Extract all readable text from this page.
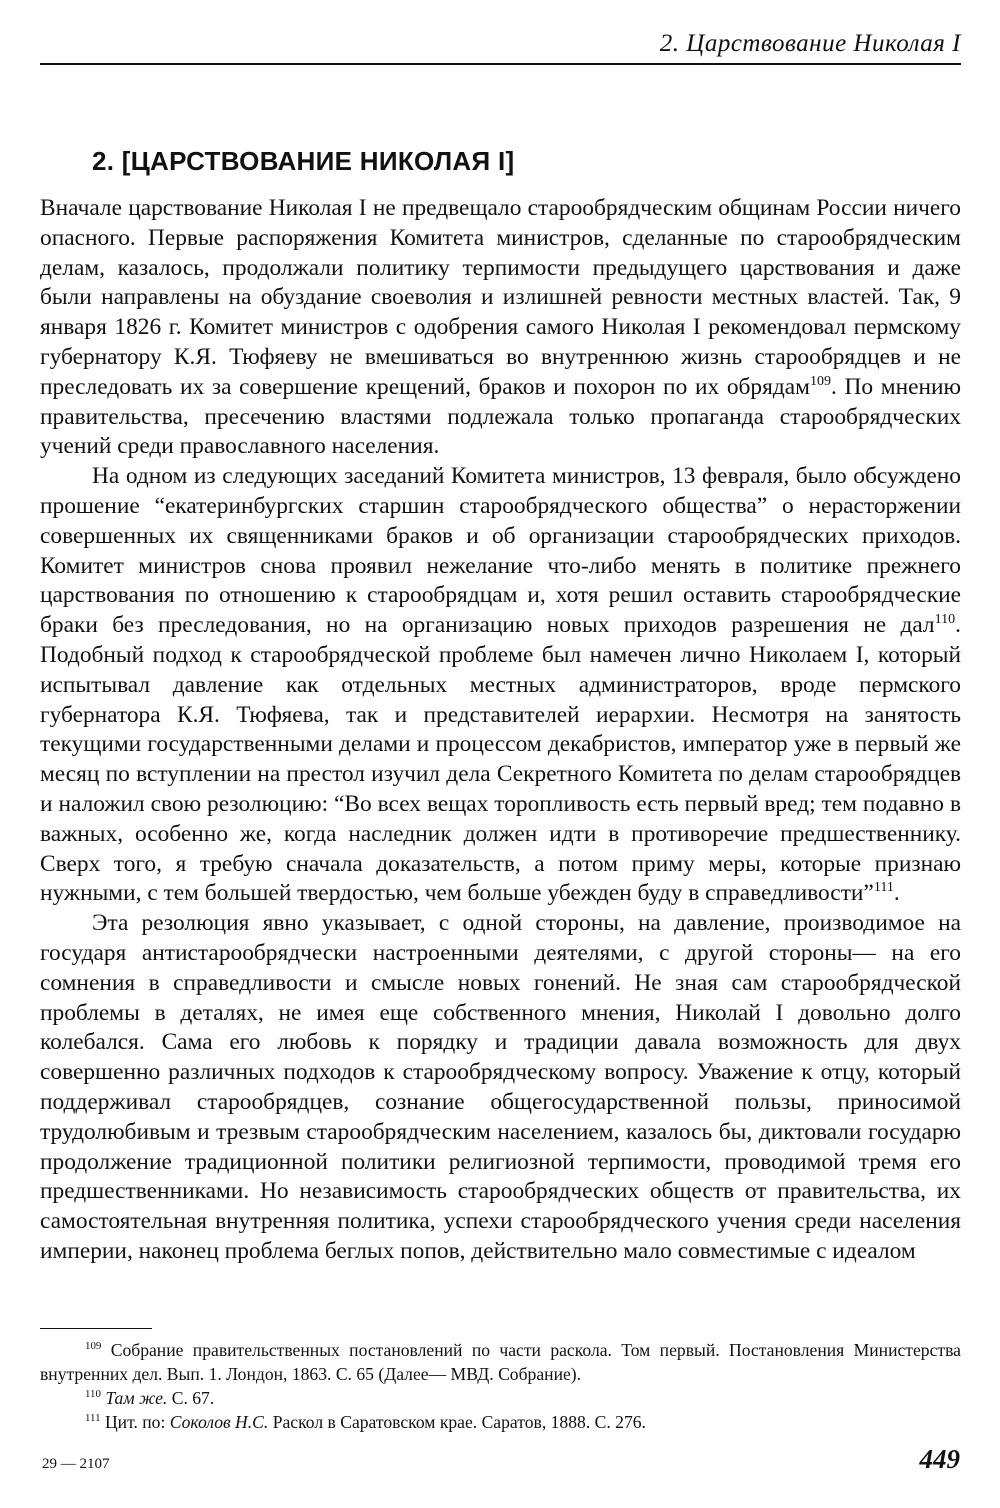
2. Царствование Николая I
2. [ЦАРСТВОВАНИЕ НИКОЛАЯ I]

Вначале царствование Николая I не предвещало старообрядческим общинам России ничего опасного. Первые распоряжения Комитета министров, сделанные по старообрядческим делам, казалось, продолжали политику терпимости предыдущего царствования и даже были направлены на обуздание своеволия и излишней ревности местных властей. Так, 9 января 1826 г. Комитет министров с одобрения самого Николая I рекомендовал пермскому губернатору К.Я. Тюфяеву не вмешиваться во внутреннюю жизнь старообрядцев и не преследовать их за совершение крещений, браков и похорон по их обрядам$^{109}$. По мнению правительства, пресечению властями подлежала только пропаганда старообрядческих учений среди православного населения.

На одном из следующих заседаний Комитета министров, 13 февраля, было обсуждено прошение “екатеринбургских старшин старообрядческого общества” о нерасторжении совершенных их священниками браков и об организации старообрядческих приходов. Комитет министров снова проявил нежелание что-либо менять в политике прежнего царствования по отношению к старообрядцам и, хотя решил оставить старообрядческие браки без преследования, но на организацию новых приходов разрешения не дал$^{110}$. Подобный подход к старообрядческой проблеме был намечен лично Николаем I, который испытывал давление как отдельных местных администраторов, вроде пермского губернатора К.Я. Тюфяева, так и представителей иерархии. Несмотря на занятость текущими государственными делами и процессом декабристов, император уже в первый же месяц по вступлении на престол изучил дела Секретного Комитета по делам старообрядцев и наложил свою резолюцию: “Во всех вещах торопливость есть первый вред; тем подавно в важных, особенно же, когда наследник должен идти в противоречие предшественнику. Сверх того, я требую сначала доказательств, а потом приму меры, которые признаю нужными, с тем большей твердостью, чем больше убежден буду в справедливости”$^{111}$.

Эта резолюция явно указывает, с одной стороны, на давление, производимое на государя антистарообрядчески настроенными деятелями, с другой стороны— на его сомнения в справедливости и смысле новых гонений. Не зная сам старообрядческой проблемы в деталях, не имея еще собственного мнения, Николай I довольно долго колебался. Сама его любовь к порядку и традиции давала возможность для двух совершенно различных подходов к старообрядческому вопросу. Уважение к отцу, который поддерживал старообрядцев, сознание общегосударственной пользы, приносимой трудолюбивым и трезвым старообрядческим населением, казалось бы, диктовали государю продолжение традиционной политики религиозной терпимости, проводимой тремя его предшественниками. Но независимость старообрядческих обществ от правительства, их самостоятельная внутренняя политика, успехи старообрядческого учения среди населения империи, наконец проблема беглых попов, действительно мало совместимые с идеалом

$^{109}$ Собрание правительственных постановлений по части раскола. Том первый. Постановления Министерства внутренних дел. Вып. 1. Лондон, 1863. С. 65 (Далее— МВД. Собрание).

$^{110}$ Там же. С. 67.

$^{111}$ Цит. по: Соколов Н.С. Раскол в Саратовском крае. Саратов, 1888. С. 276.

29 — 2107	449
